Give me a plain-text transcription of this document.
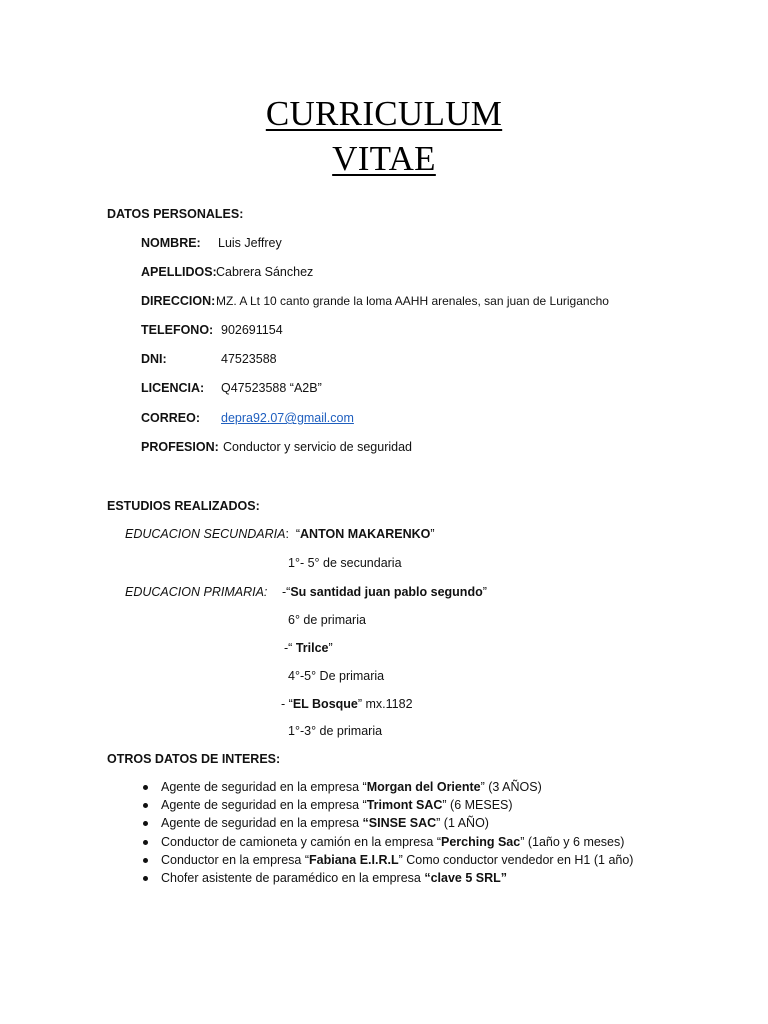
CURRICULUM
VITAE
DATOS PERSONALES:
NOMBRE: Luis Jeffrey
APELLIDOS: Cabrera Sánchez
DIRECCION: MZ. A Lt 10 canto grande la loma AAHH arenales, san juan de Lurigancho
TELEFONO: 902691154
DNI:	47523588
LICENCIA: Q47523588 “A2B”
CORREO: depra92.07@gmail.com
PROFESION: Conductor y servicio de seguridad
ESTUDIOS REALIZADOS:
EDUCACION SECUNDARIA:  “ANTON MAKARENKO”
1°- 5° de secundaria
EDUCACION PRIMARIA: -“Su santidad juan pablo segundo”
6° de primaria
-“ Trilce”
4°-5° De primaria
- “EL Bosque” mx.1182
1°-3° de primaria
OTROS DATOS DE INTERES:
Agente de seguridad en la empresa “Morgan del Oriente” (3 AÑOS)
Agente de seguridad en la empresa “Trimont SAC” (6 MESES)
Agente de seguridad en la empresa “SINSE SAC” (1 AÑO)
Conductor de camioneta y camión en la empresa “Perching Sac” (1año y 6 meses)
Conductor en la empresa “Fabiana E.I.R.L” Como conductor vendedor en H1 (1 año)
Chofer asistente de paramédico en la empresa “clave 5 SRL”
